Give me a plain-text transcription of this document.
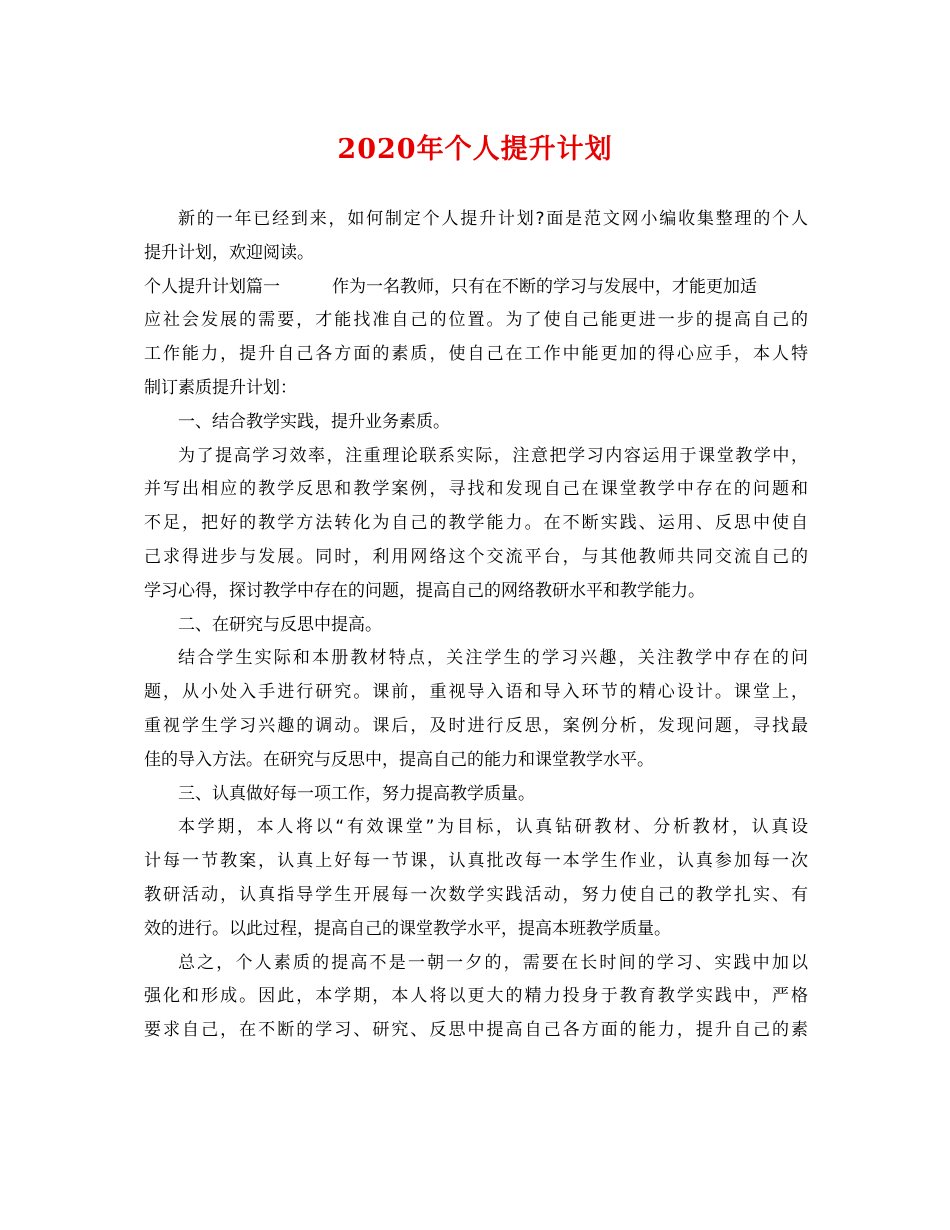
2020年个人提升计划
新的一年已经到来，如何制定个人提升计划?面是范文网小编收集整理的个人
提升计划，欢迎阅读。
个人提升计划篇一	作为一名教师，只有在不断的学习与发展中，才能更加适
应社会发展的需要，才能找准自己的位置。为了使自己能更进一步的提高自己的
工作能力，提升自己各方面的素质，使自己在工作中能更加的得心应手，本人特
制订素质提升计划：
一、结合教学实践，提升业务素质。
为了提高学习效率，注重理论联系实际，注意把学习内容运用于课堂教学中，
并写出相应的教学反思和教学案例，寻找和发现自己在课堂教学中存在的问题和
不足，把好的教学方法转化为自己的教学能力。在不断实践、运用、反思中使自
己求得进步与发展。同时，利用网络这个交流平台，与其他教师共同交流自己的
学习心得，探讨教学中存在的问题，提高自己的网络教研水平和教学能力。
二、在研究与反思中提高。
结合学生实际和本册教材特点，关注学生的学习兴趣，关注教学中存在的问
题，从小处入手进行研究。课前，重视导入语和导入环节的精心设计。课堂上，
重视学生学习兴趣的调动。课后，及时进行反思，案例分析，发现问题，寻找最
佳的导入方法。在研究与反思中，提高自己的能力和课堂教学水平。
三、认真做好每一项工作，努力提高教学质量。
本学期，本人将以“有效课堂”为目标，认真钻研教材、分析教材，认真设
计每一节教案，认真上好每一节课，认真批改每一本学生作业，认真参加每一次
教研活动，认真指导学生开展每一次数学实践活动，努力使自己的教学扎实、有
效的进行。以此过程，提高自己的课堂教学水平，提高本班教学质量。
总之，个人素质的提高不是一朝一夕的，需要在长时间的学习、实践中加以
强化和形成。因此，本学期，本人将以更大的精力投身于教育教学实践中，严格
要求自己，在不断的学习、研究、反思中提高自己各方面的能力，提升自己的素
